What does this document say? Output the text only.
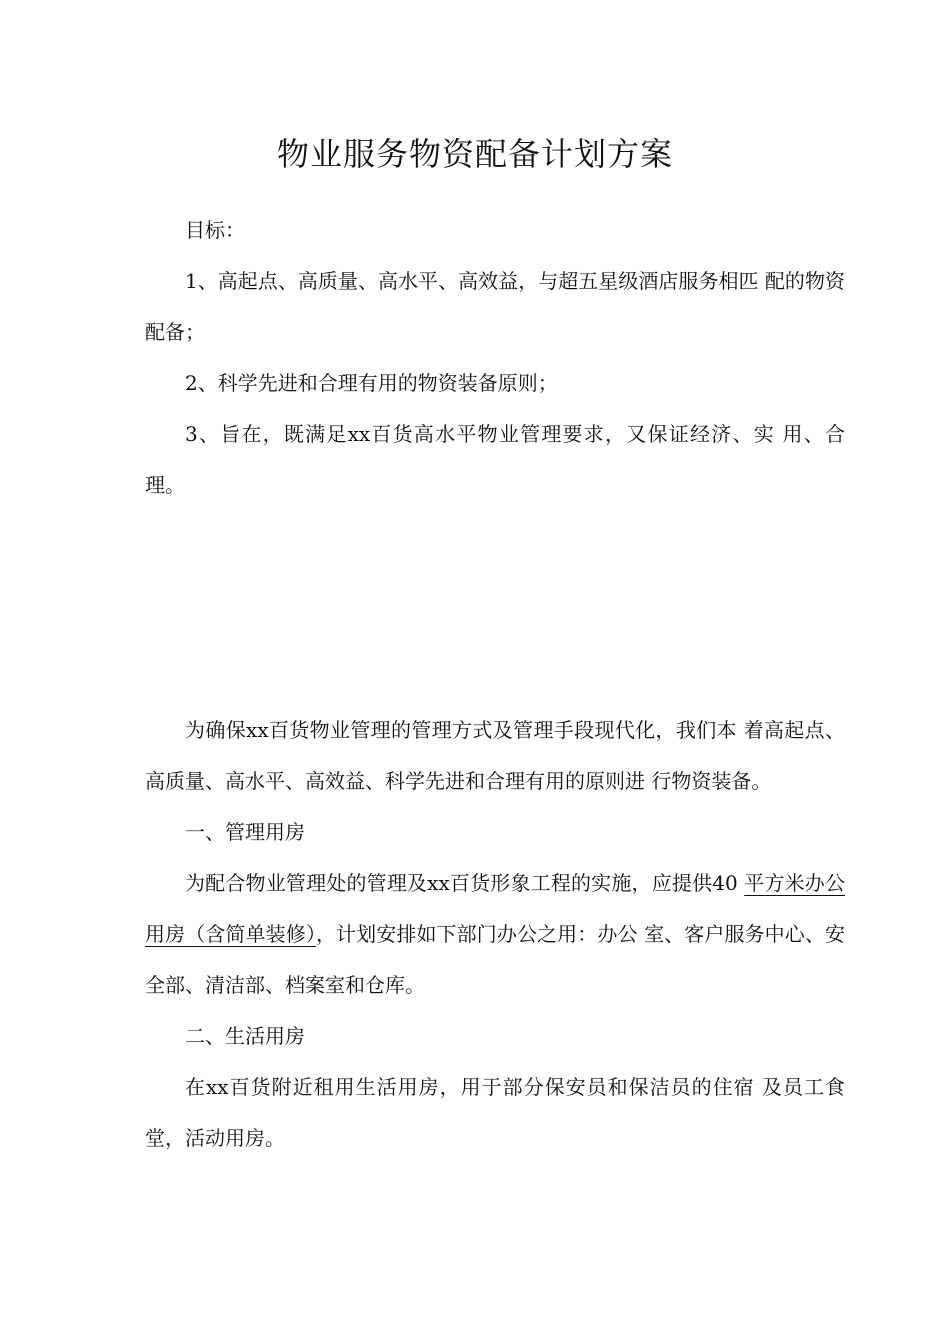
物业服务物资配备计划方案

目标：

1、高起点、高质量、高水平、高效益，与超五星级酒店服务相匹 配的物资配备；

2、科学先进和合理有用的物资装备原则；

3、旨在，既满足xx百货高水平物业管理要求，又保证经济、实 用、合理。

为确保xx百货物业管理的管理方式及管理手段现代化，我们本 着高起点、高质量、高水平、高效益、科学先进和合理有用的原则进 行物资装备。

一、管理用房

为配合物业管理处的管理及xx百货形象工程的实施，应提供40 平方米办公用房（含简单装修），计划安排如下部门办公之用：办公 室、客户服务中心、安全部、清洁部、档案室和仓库。

二、生活用房

在xx百货附近租用生活用房，用于部分保安员和保洁员的住宿 及员工食堂，活动用房。
